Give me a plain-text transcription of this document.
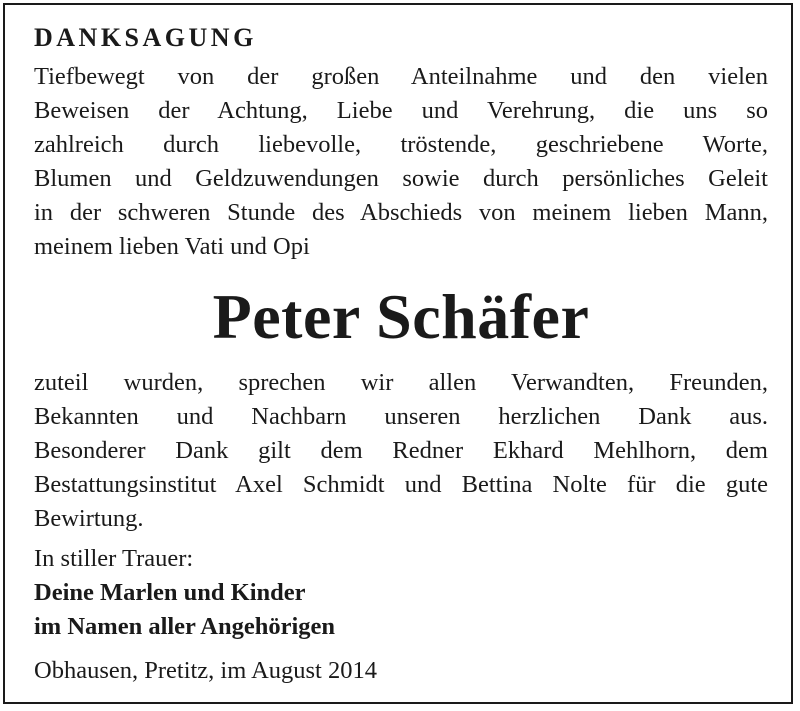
DANKSAGUNG
Tiefbewegt von der großen Anteilnahme und den vielen
Beweisen der Achtung, Liebe und Verehrung, die uns so
zahlreich durch liebevolle, tröstende, geschriebene Worte,
Blumen und Geldzuwendungen sowie durch persönliches Geleit
in der schweren Stunde des Abschieds von meinem lieben Mann,
meinem lieben Vati und Opi
Peter Schäfer
zuteil wurden, sprechen wir allen Verwandten, Freunden,
Bekannten und Nachbarn unseren herzlichen Dank aus.
Besonderer Dank gilt dem Redner Ekhard Mehlhorn, dem
Bestattungsinstitut Axel Schmidt und Bettina Nolte für die gute
Bewirtung.
In stiller Trauer:
Deine Marlen und Kinder
im Namen aller Angehörigen
Obhausen, Pretitz, im August 2014
